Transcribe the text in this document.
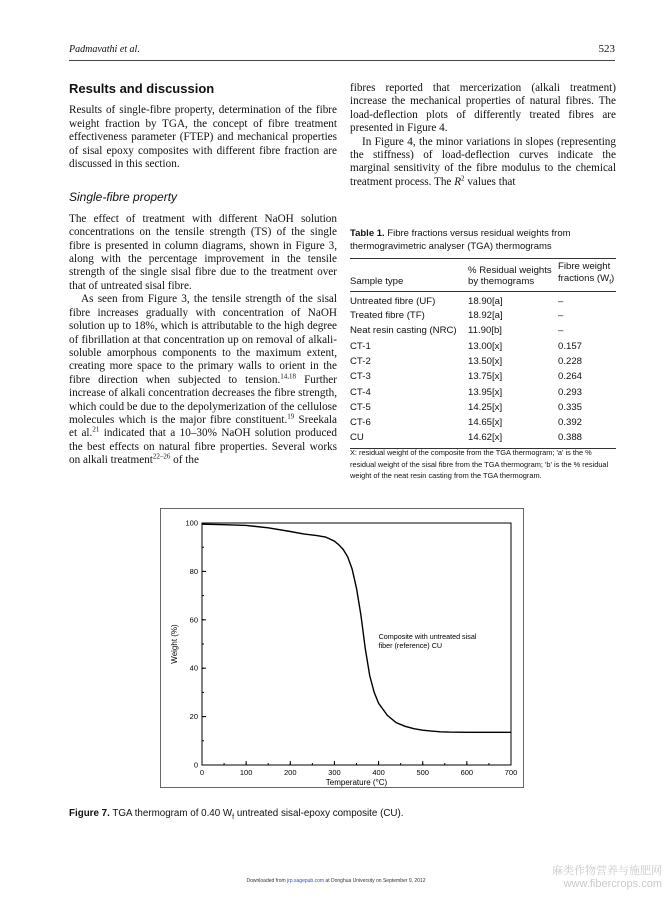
Padmavathi et al.	523
Results and discussion

Results of single-fibre property, determination of the fibre weight fraction by TGA, the concept of fibre treatment effectiveness parameter (FTEP) and mechanical properties of sisal epoxy composites with different fibre fraction are discussed in this section.

Single-fibre property

The effect of treatment with different NaOH solution concentrations on the tensile strength (TS) of the single fibre is presented in column diagrams, shown in Figure 3, along with the percentage improvement in the tensile strength of the single sisal fibre due to the treatment over that of untreated sisal fibre.

As seen from Figure 3, the tensile strength of the sisal fibre increases gradually with concentration of NaOH solution up to 18%, which is attributable to the high degree of fibrillation at that concentration up on removal of alkali-soluble amorphous components to the maximum extent, creating more space to the primary walls to orient in the fibre direction when subjected to tension.$^{14,18}$ Further increase of alkali concentration decreases the fibre strength, which could be due to the depolymerization of the cellulose molecules which is the major fibre constituent.$^{19}$ Sreekala et al.$^{21}$ indicated that a 10–30% NaOH solution produced the best effects on natural fibre properties. Several works on alkali treatment$^{22-26}$ of the

fibres reported that mercerization (alkali treatment) increase the mechanical properties of natural fibres. The load-deflection plots of differently treated fibres are presented in Figure 4.

In Figure 4, the minor variations in slopes (representing the stiffness) of load-deflection curves indicate the marginal sensitivity of the fibre modulus to the chemical treatment process. The $R^2$ values that

Table 1. Fibre fractions versus residual weights from thermogravimetric analyser (TGA) thermograms
Sample type	% Residual weights by themograms	Fibre weight fractions $(W_f)$
Untreated fibre (UF)	18.90[a]	–
Treated fibre (TF)	18.92[a]	–
Neat resin casting (NRC)	11.90[b]	–
CT-1	13.00[x]	0.157
CT-2	13.50[x]	0.228
CT-3	13.75[x]	0.264
CT-4	13.95[x]	0.293
CT-5	14.25[x]	0.335
CT-6	14.65[x]	0.392
CU	14.62[x]	0.388
X: residual weight of the composite from the TGA thermogram; 'a' is the % residual weight of the sisal fibre from the TGA thermogram; 'b' is the % residual weight of the neat resin casting from the TGA thermogram.
0	100	200	300	400	500	600	700
0
20
40
60
80
100
Temperature (°C)
Weight (%)	Composite with untreated sisal
fiber (reference) CU
Figure 7. TGA thermogram of 0.40 $W_f$ untreated sisal-epoxy composite (CU).
Downloaded from jrp.sagepub.com at Donghua University on September 9, 2012
麻类作物营养与施肥网
www.fibercrops.com
